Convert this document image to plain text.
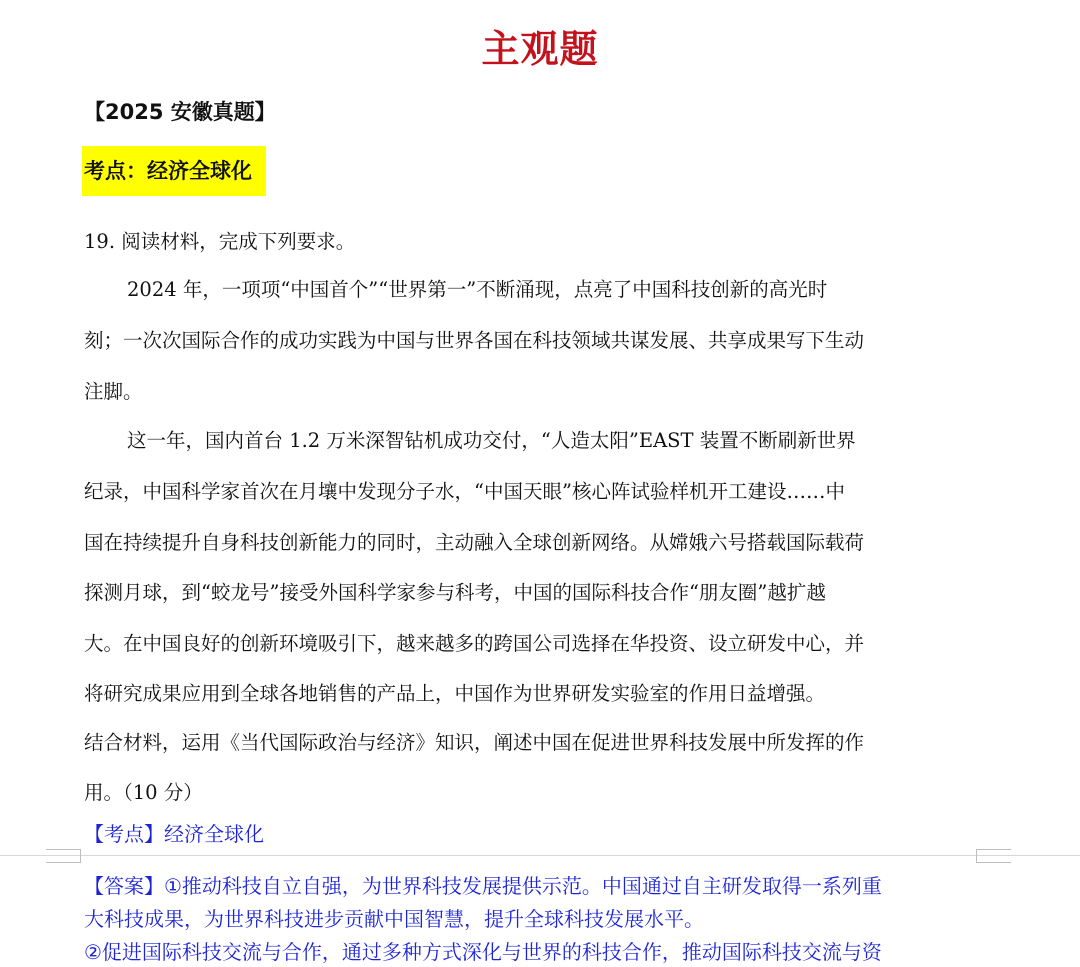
主观题
【2025 安徽真题】
考点：经济全球化
19. 阅读材料，完成下列要求。
2024 年，一项项“中国首个”“世界第一”不断涌现，点亮了中国科技创新的高光时
刻；一次次国际合作的成功实践为中国与世界各国在科技领域共谋发展、共享成果写下生动
注脚。
这一年，国内首台 1.2 万米深智钻机成功交付，“人造太阳”EAST 装置不断刷新世界
纪录，中国科学家首次在月壤中发现分子水，“中国天眼”核心阵试验样机开工建设……中
国在持续提升自身科技创新能力的同时，主动融入全球创新网络。从嫦娥六号搭载国际载荷
探测月球，到“蛟龙号”接受外国科学家参与科考，中国的国际科技合作“朋友圈”越扩越
大。在中国良好的创新环境吸引下，越来越多的跨国公司选择在华投资、设立研发中心，并
将研究成果应用到全球各地销售的产品上，中国作为世界研发实验室的作用日益增强。
结合材料，运用《当代国际政治与经济》知识，阐述中国在促进世界科技发展中所发挥的作
用。（10 分）
【考点】经济全球化
【答案】①推动科技自立自强，为世界科技发展提供示范。中国通过自主研发取得一系列重
大科技成果，为世界科技进步贡献中国智慧，提升全球科技发展水平。
②促进国际科技交流与合作，通过多种方式深化与世界的科技合作，推动国际科技交流与资
